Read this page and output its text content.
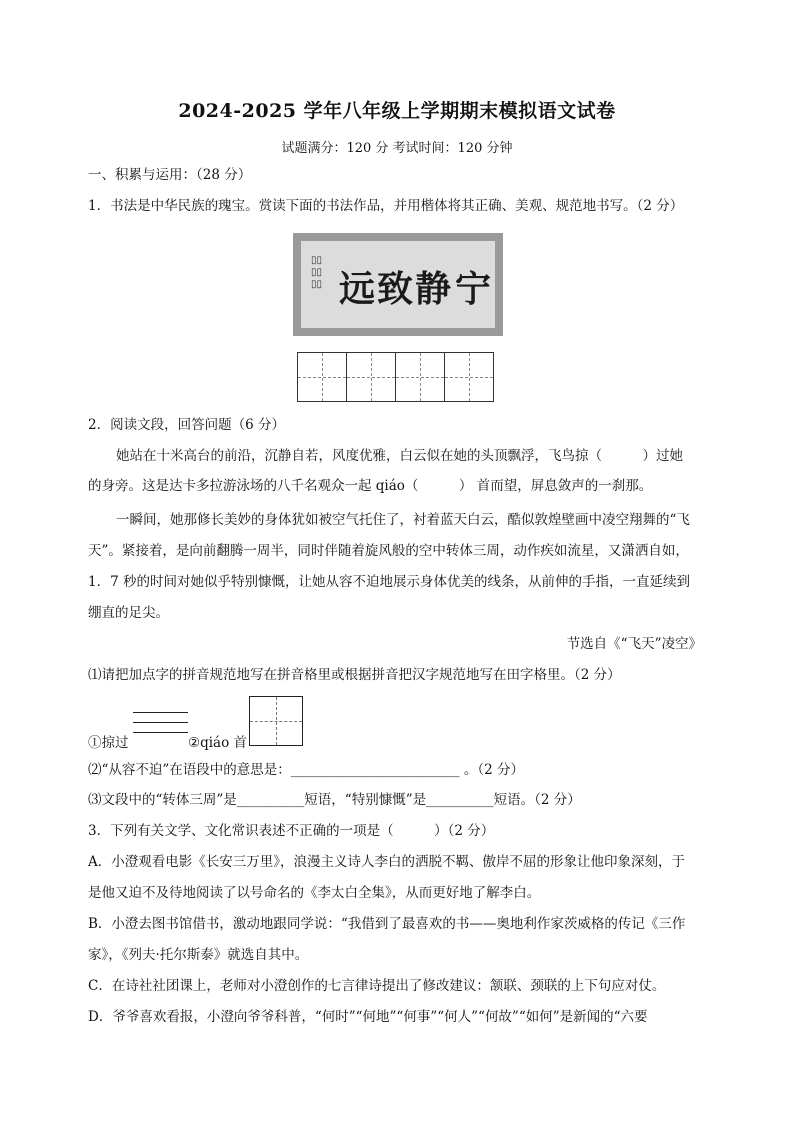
2024-2025 学年八年级上学期期末模拟语文试卷
试题满分：120 分 考试时间：120 分钟
一、积累与运用：（28 分）
1．书法是中华民族的瑰宝。赏读下面的书法作品，并用楷体将其正确、美观、规范地书写。（2 分）
▯▯
▯▯
▯▯	宁
静
致
远
2．阅读文段，回答问题（6 分）
她站在十米高台的前沿，沉静自若，风度优雅，白云似在她的头顶飘浮，飞鸟掠（　　　）过她
的身旁。这是达卡多拉游泳场的八千名观众一起 qiáo（　　　） 首而望，屏息敛声的一刹那。
一瞬间，她那修长美妙的身体犹如被空气托住了，衬着蓝天白云，酷似敦煌壁画中凌空翔舞的“飞
天”。紧接着，是向前翻腾一周半，同时伴随着旋风般的空中转体三周，动作疾如流星，又潇洒自如，
1．7 秒的时间对她似乎特别慷慨，让她从容不迫地展示身体优美的线条，从前伸的手指，一直延续到
绷直的足尖。
节选自《“飞天”凌空》
⑴请把加点字的拼音规范地写在拼音格里或根据拼音把汉字规范地写在田字格里。（2 分）
①掠过	②qiáo 首
⑵“从容不迫”在语段中的意思是：_________________________ 。（2 分）
⑶文段中的“转体三周”是__________短语，“特别慷慨”是__________短语。（2 分）
3．下列有关文学、文化常识表述不正确的一项是（　　　）（2 分）
A．小澄观看电影《长安三万里》，浪漫主义诗人李白的洒脱不羁、傲岸不屈的形象让他印象深刻，于
是他又迫不及待地阅读了以号命名的《李太白全集》，从而更好地了解李白。
B．小澄去图书馆借书，激动地跟同学说：“我借到了最喜欢的书——奥地利作家茨威格的传记《三作
家》，《列夫·托尔斯泰》就选自其中。
C．在诗社社团课上，老师对小澄创作的七言律诗提出了修改建议：颔联、颈联的上下句应对仗。
D．爷爷喜欢看报，小澄向爷爷科普，“何时”“何地”“何事”“何人”“何故”“如何”是新闻的“六要
